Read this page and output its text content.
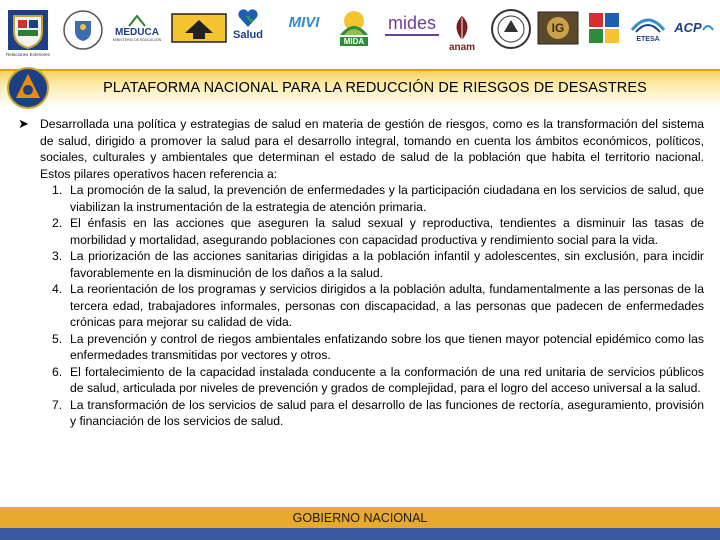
Relaciones Exteriores
MEDUCA
MINISTERIO DE EDUCACIÓN	Salud
MIVI
MIDA
mides
anam
IG
ETESA
ACP
PLATAFORMA NACIONAL PARA LA REDUCCIÓN DE RIESGOS DE DESASTRES
➤ Desarrollada una política y estrategias de salud en materia de gestión de riesgos, como es la transformación del sistema de salud, dirigido a promover la salud para el desarrollo integral, tomando en cuenta los ámbitos económicos, políticos, sociales, culturales y ambientales que determinan el estado de salud de la población que habita el territorio nacional. Estos pilares operativos hacen referencia a:
1. La promoción de la salud, la prevención de enfermedades y la participación ciudadana en los servicios de salud, que viabilizan la instrumentación de la estrategia de atención primaria.
2. El énfasis en las acciones que aseguren la salud sexual y reproductiva, tendientes a disminuir las tasas de morbilidad y mortalidad, asegurando poblaciones con capacidad productiva y rendimiento social para la vida.
3. La priorización de las acciones sanitarias dirigidas a la población infantil y adolescentes, sin exclusión, para incidir favorablemente en la disminución de los daños a la salud.
4. La reorientación de los programas y servicios dirigidos a la población adulta, fundamentalmente a las personas de la tercera edad, trabajadores informales, personas con discapacidad, a las personas que padecen de enfermedades crónicas para mejorar su calidad de vida.
5. La prevención y control de riegos ambientales enfatizando sobre los que tienen mayor potencial epidémico como las enfermedades transmitidas por vectores y otros.
6. El fortalecimiento de la capacidad instalada conducente a la conformación de una red unitaria de servicios públicos de salud, articulada por niveles de prevención y grados de complejidad, para el logro del acceso universal a la salud.
7. La transformación de los servicios de salud para el desarrollo de las funciones de rectoría, aseguramiento, provisión y financiación de los servicios de salud.
GOBIERNO NACIONAL
